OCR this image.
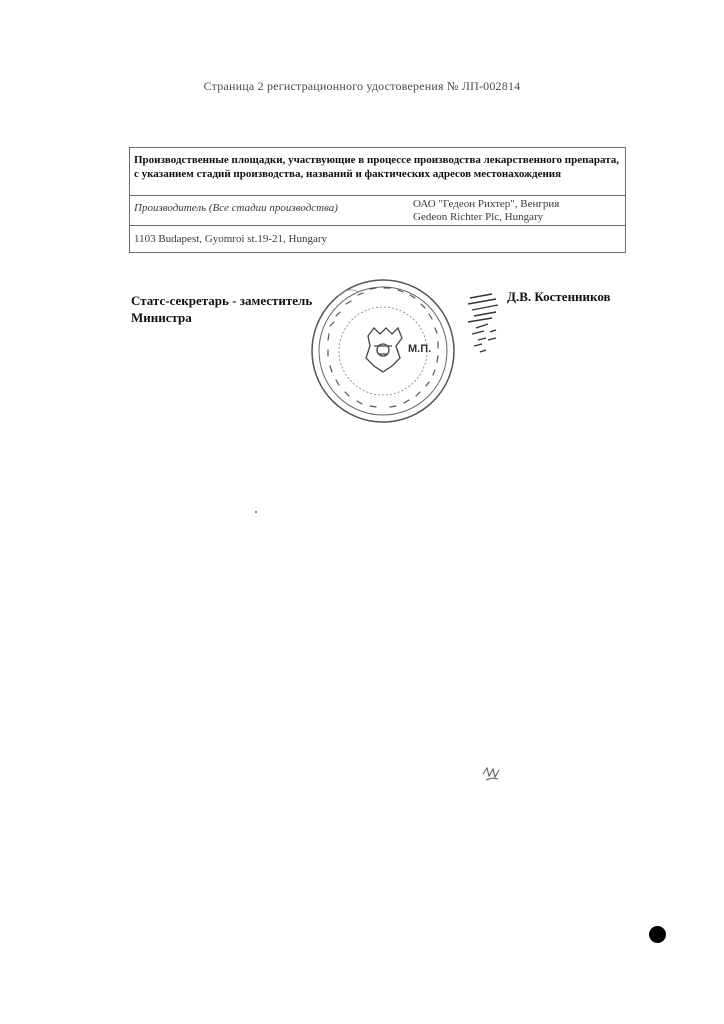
Страница 2 регистрационного удостоверения № ЛП-002814
Производственные площадки, участвующие в процессе производства лекарственного препарата, с указанием стадий производства, названий и фактических адресов местонахождения
Производитель (Все стадии производства)	ОАО "Гедеон Рихтер", Венгрия
Gedeon Richter Plc, Hungary
1103 Budapest, Gyomroi st.19-21, Hungary
Статс-секретарь - заместитель
Министра
Д.В. Костенников
М.П.
